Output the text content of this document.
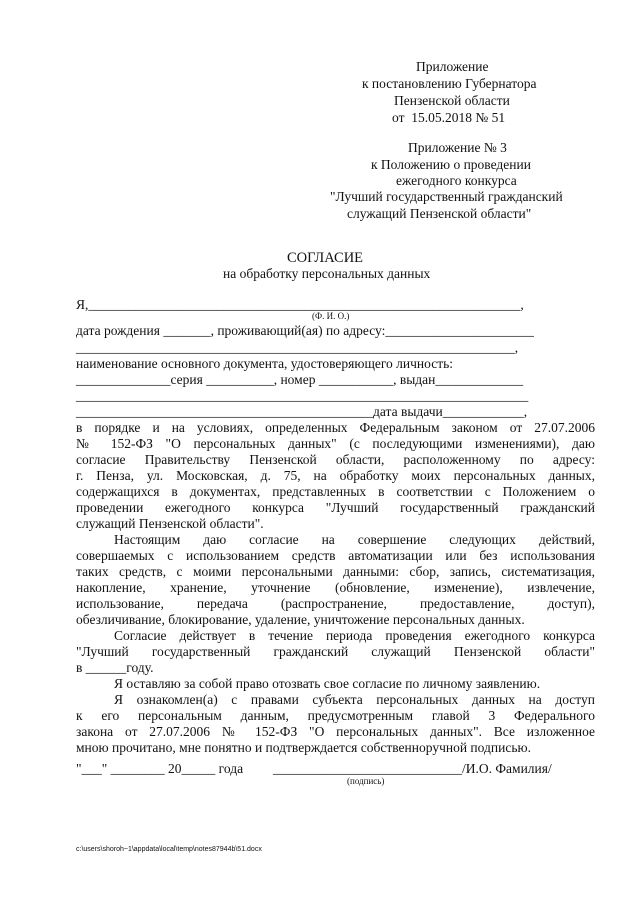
Приложение
к постановлению Губернатора
Пензенской области
от  15.05.2018 № 51
Приложение № 3
к Положению о проведении
ежегодного конкурса
"Лучший государственный гражданский
служащий Пензенской области"
СОГЛАСИЕ
на обработку персональных данных
Я,________________________________________________________________,
(Ф. И. О.)
дата рождения _______, проживающий(ая) по адресу:______________________
_________________________________________________________________,
наименование основного документа, удостоверяющего личность:
______________серия __________, номер ___________, выдан_____________
___________________________________________________________________
____________________________________________дата выдачи____________,
в порядке и на условиях, определенных Федеральным законом от 27.07.2006
№ 152-ФЗ "О персональных данных" (с последующими изменениями), даю
согласие Правительству Пензенской области, расположенному по адресу:
г. Пенза, ул. Московская, д. 75, на обработку моих персональных данных,
содержащихся в документах, представленных в соответствии с Положением о
проведении ежегодного конкурса "Лучший государственный гражданский
служащий Пензенской области".
Настоящим даю согласие на совершение следующих действий,
совершаемых с использованием средств автоматизации или без использования
таких средств, с моими персональными данными: сбор, запись, систематизация,
накопление, хранение, уточнение (обновление, изменение), извлечение,
использование, передача (распространение, предоставление, доступ),
обезличивание, блокирование, удаление, уничтожение персональных данных.
Согласие действует в течение периода проведения ежегодного конкурса
"Лучший государственный гражданский служащий Пензенской области"
в ______году.
Я оставляю за собой право отозвать свое согласие по личному заявлению.
Я ознакомлен(а) с правами субъекта персональных данных на доступ
к его персональным данным, предусмотренным главой 3 Федерального
закона от 27.07.2006 № 152-ФЗ "О персональных данных". Все изложенное
мною прочитано, мне понятно и подтверждается собственноручной подписью.
"___" ________ 20_____ года ____________________________/И.О. Фамилия/
(подпись)
c:\users\shoroh~1\appdata\local\temp\notes87944b\51.docx
